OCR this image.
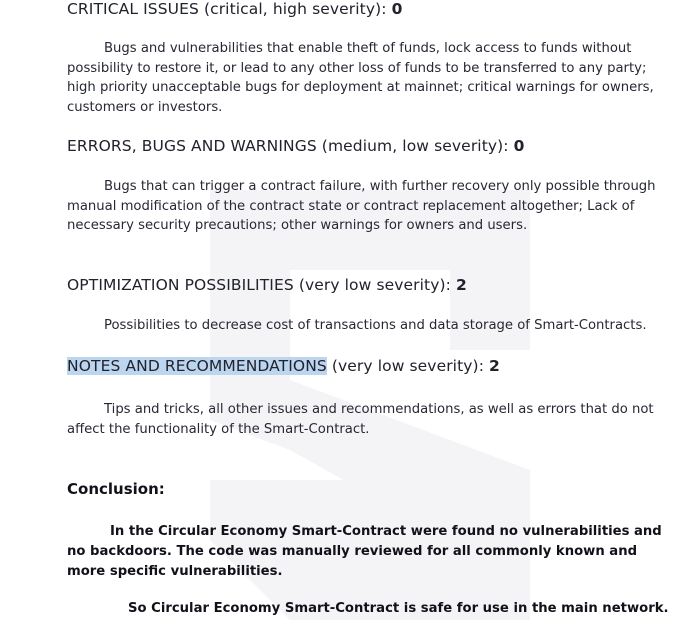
CRITICAL ISSUES (critical, high severity): 0
Bugs and vulnerabilities that enable theft of funds, lock access to funds without possibility to restore it, or lead to any other loss of funds to be transferred to any party; high priority unacceptable bugs for deployment at mainnet; critical warnings for owners, customers or investors.
ERRORS, BUGS AND WARNINGS (medium, low severity): 0
Bugs that can trigger a contract failure, with further recovery only possible through manual modification of the contract state or contract replacement altogether; Lack of necessary security precautions; other warnings for owners and users.
OPTIMIZATION POSSIBILITIES (very low severity): 2
Possibilities to decrease cost of transactions and data storage of Smart-Contracts.
NOTES AND RECOMMENDATIONS (very low severity): 2
Tips and tricks, all other issues and recommendations, as well as errors that do not affect the functionality of the Smart-Contract.
Conclusion:
In the Circular Economy Smart-Contract were found no vulnerabilities and no backdoors. The code was manually reviewed for all commonly known and more specific vulnerabilities.
So Circular Economy Smart-Contract is safe for use in the main network.
